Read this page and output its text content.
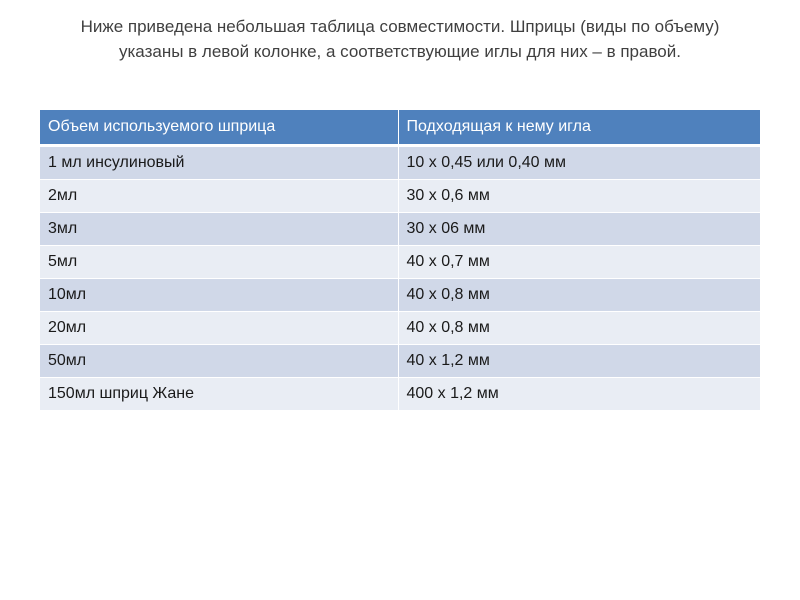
Ниже приведена небольшая таблица совместимости. Шприцы (виды по объему) указаны в левой колонке, а соответствующие иглы для них – в правой.
Объем используемого шприца	Подходящая к нему игла
1 мл инсулиновый	10 х 0,45 или 0,40 мм
2мл	30 х 0,6 мм
3мл	30 х 06 мм
5мл	40 х 0,7 мм
10мл	40 х 0,8 мм
20мл	40 х 0,8 мм
50мл	40 х 1,2 мм
150мл шприц Жане	400 х 1,2 мм
